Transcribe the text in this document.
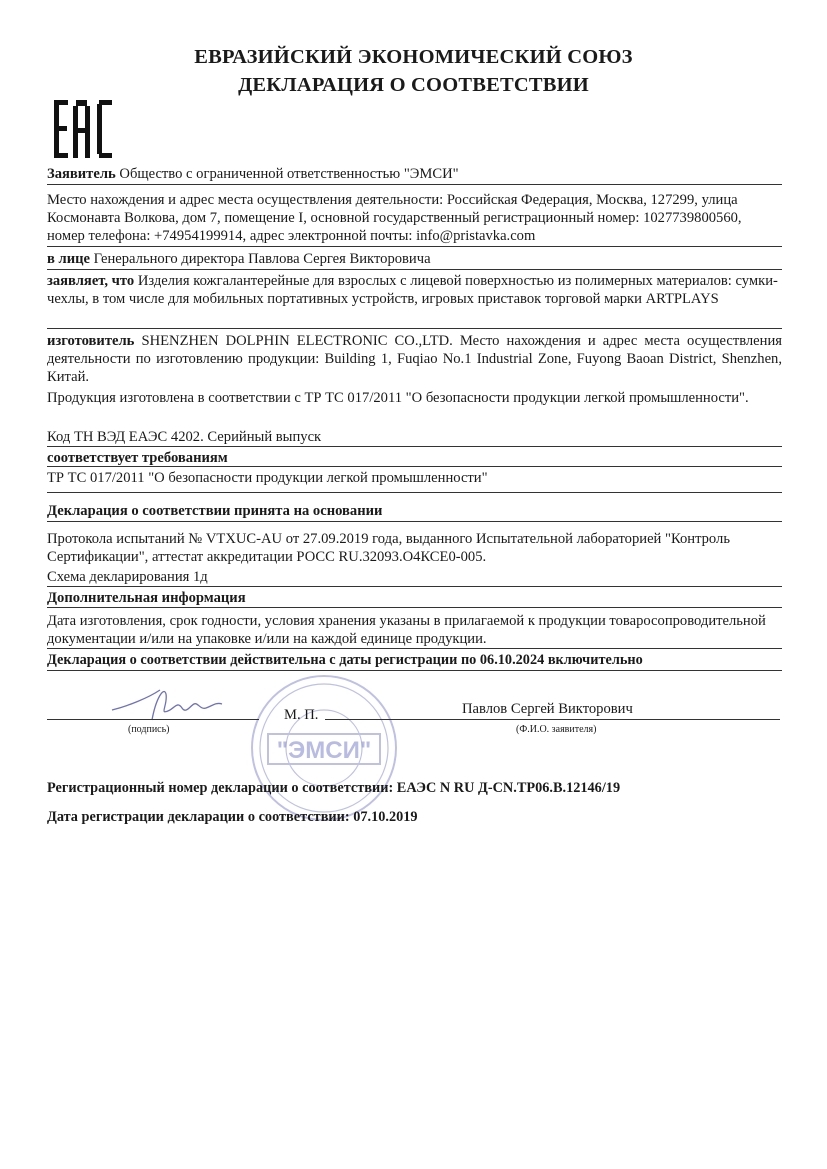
ЕВРАЗИЙСКИЙ ЭКОНОМИЧЕСКИЙ СОЮЗ
ДЕКЛАРАЦИЯ О СООТВЕТСТВИИ
Заявитель Общество с ограниченной ответственностью "ЭМСИ"
Место нахождения и адрес места осуществления деятельности: Российская Федерация, Москва, 127299, улица Космонавта Волкова, дом 7, помещение I, основной государственный регистрационный номер: 1027739800560, номер телефона: +74954199914, адрес электронной почты: info@pristavka.com
в лице Генерального директора Павлова Сергея Викторовича
заявляет, что Изделия кожгалантерейные для взрослых с лицевой поверхностью из полимерных материалов: сумки-чехлы, в том числе для мобильных портативных устройств, игровых приставок торговой марки ARTPLAYS
изготовитель SHENZHEN DOLPHIN ELECTRONIC CO.,LTD. Место нахождения и адрес места осуществления деятельности по изготовлению продукции: Building 1, Fuqiao No.1 Industrial Zone, Fuyong Baoan District, Shenzhen, Китай.
Продукция изготовлена в соответствии с ТР ТС 017/2011 "О безопасности продукции легкой промышленности".
Код ТН ВЭД ЕАЭС 4202. Серийный выпуск
соответствует требованиям
ТР ТС 017/2011 "О безопасности продукции легкой промышленности"
Декларация о соответствии принята на основании
Протокола испытаний № VTXUC-AU от 27.09.2019 года, выданного Испытательной лабораторией "Контроль Сертификации", аттестат аккредитации РОСС RU.32093.О4КСЕ0-005.
Схема декларирования 1д
Дополнительная информация
Дата изготовления, срок годности, условия хранения указаны в прилагаемой к продукции товаросопроводительной документации и/или на упаковке и/или на каждой единице продукции.
Декларация о соответствии действительна с даты регистрации по 06.10.2024 включительно
"ЭМСИ"
М. П.	Павлов Сергей Викторович
(подпись)	(Ф.И.О. заявителя)
Регистрационный номер декларации о соответствии: ЕАЭС N RU Д-CN.ТР06.В.12146/19
Дата регистрации декларации о соответствии: 07.10.2019
